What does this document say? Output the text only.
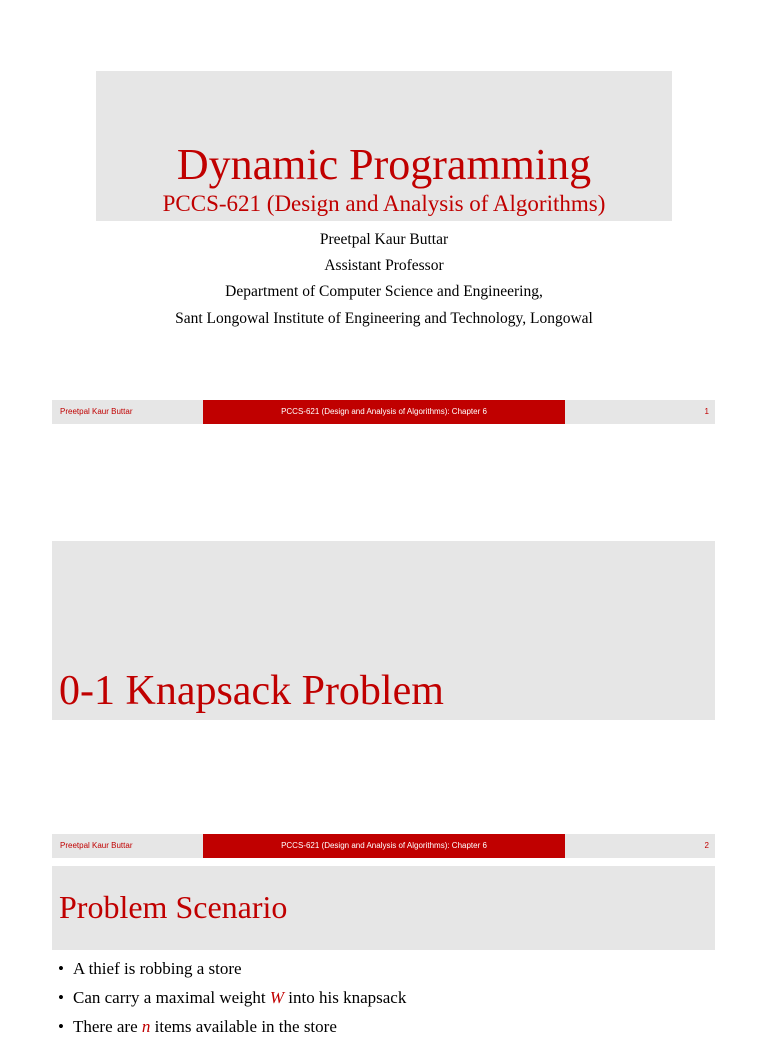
Dynamic Programming
PCCS-621 (Design and Analysis of Algorithms)
Preetpal Kaur Buttar
Assistant Professor
Department of Computer Science and Engineering,
Sant Longowal Institute of Engineering and Technology, Longowal
Preetpal Kaur Buttar	PCCS-621 (Design and Analysis of Algorithms): Chapter 6	1
0-1 Knapsack Problem
Preetpal Kaur Buttar	PCCS-621 (Design and Analysis of Algorithms): Chapter 6	2
Problem Scenario
• A thief is robbing a store
• Can carry a maximal weight W into his knapsack
• There are n items available in the store
